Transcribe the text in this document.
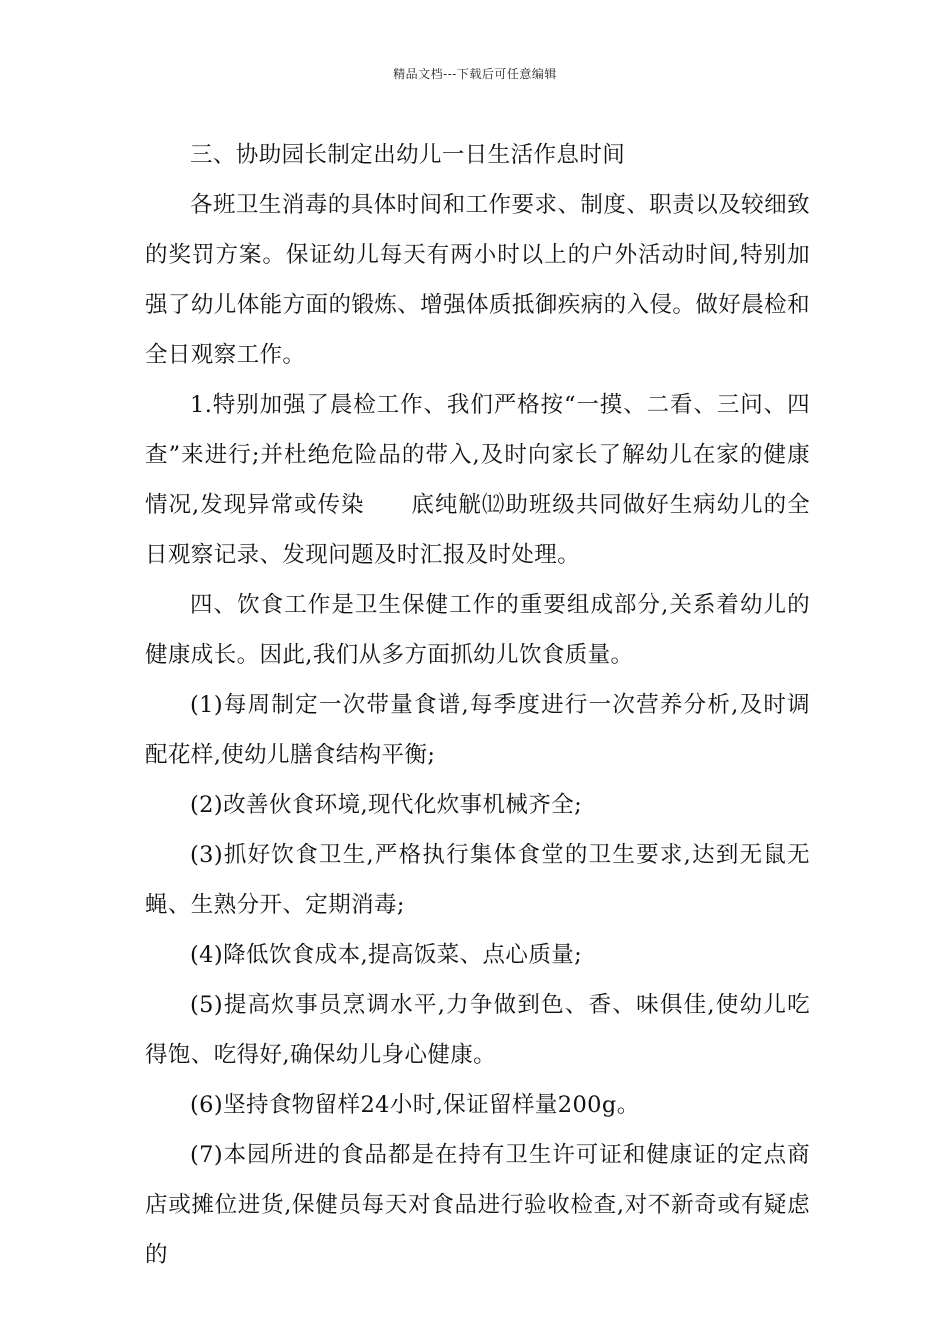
精品文档---下载后可任意编辑

三、协助园长制定出幼儿一日生活作息时间

各班卫生消毒的具体时间和工作要求、制度、职责以及较细致的奖罚方案。保证幼儿每天有两小时以上的户外活动时间,特别加强了幼儿体能方面的锻炼、增强体质抵御疾病的入侵。做好晨检和全日观察工作。

1.特别加强了晨检工作、我们严格按“一摸、二看、三问、四查”来进行;并杜绝危险品的带入,及时向家长了解幼儿在家的健康情况,发现异常或传染　　底纯觥⑿助班级共同做好生病幼儿的全日观察记录、发现问题及时汇报及时处理。

四、饮食工作是卫生保健工作的重要组成部分,关系着幼儿的健康成长。因此,我们从多方面抓幼儿饮食质量。

(1)每周制定一次带量食谱,每季度进行一次营养分析,及时调配花样,使幼儿膳食结构平衡;

(2)改善伙食环境,现代化炊事机械齐全;

(3)抓好饮食卫生,严格执行集体食堂的卫生要求,达到无鼠无蝇、生熟分开、定期消毒;

(4)降低饮食成本,提高饭菜、点心质量;

(5)提高炊事员烹调水平,力争做到色、香、味俱佳,使幼儿吃得饱、吃得好,确保幼儿身心健康。

(6)坚持食物留样24小时,保证留样量200g。

(7)本园所进的食品都是在持有卫生许可证和健康证的定点商店或摊位进货,保健员每天对食品进行验收检查,对不新奇或有疑虑的
